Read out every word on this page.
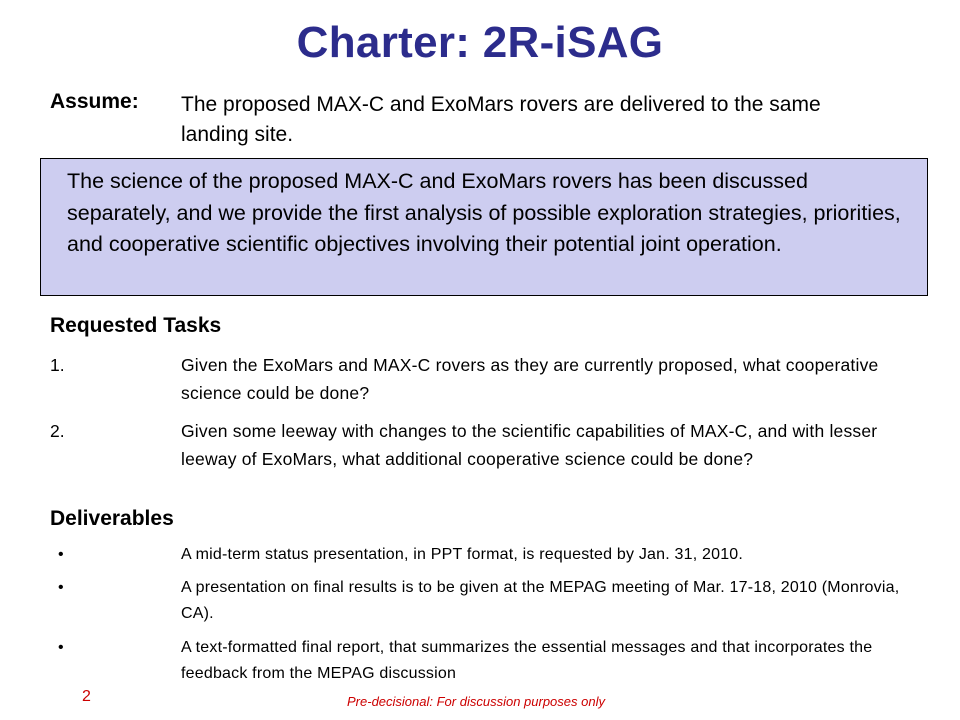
Charter: 2R-iSAG
Assume: The proposed MAX-C and ExoMars rovers are delivered to the same landing site.
The science of the proposed MAX-C and ExoMars rovers has been discussed separately, and we provide the first analysis of possible exploration strategies, priorities, and cooperative scientific objectives involving their potential joint operation.
Requested Tasks
1.	Given the ExoMars and MAX-C rovers as they are currently proposed, what cooperative science could be done?
2.	Given some leeway with changes to the scientific capabilities of MAX-C, and with lesser leeway of ExoMars, what additional cooperative science could be done?
Deliverables
•	A mid-term status presentation, in PPT format, is requested by Jan. 31, 2010.
•	A presentation on final results is to be given at the MEPAG meeting of Mar. 17-18, 2010 (Monrovia, CA).
•	A text-formatted final report, that summarizes the essential messages and that incorporates the feedback from the MEPAG discussion
2	Pre-decisional: For discussion purposes only
